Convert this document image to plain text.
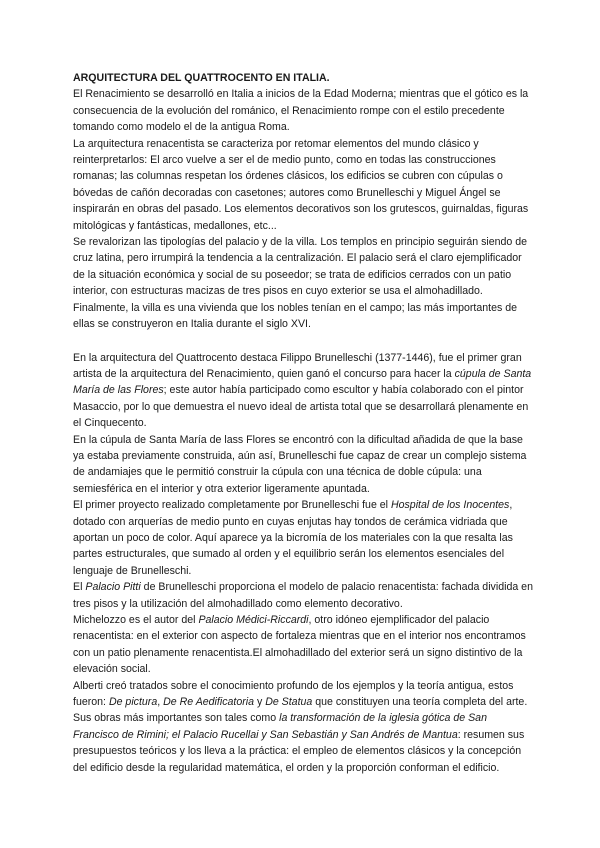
ARQUITECTURA DEL QUATTROCENTO EN ITALIA.

El Renacimiento se desarrolló en Italia a inicios de la Edad Moderna; mientras que el gótico es la consecuencia de la evolución del románico, el Renacimiento rompe con el estilo precedente tomando como modelo el de la antigua Roma.

La arquitectura renacentista se caracteriza por retomar elementos del mundo clásico y reinterpretarlos: El arco vuelve a ser el de medio punto, como en todas las construcciones romanas; las columnas respetan los órdenes clásicos, los edificios se cubren con cúpulas o bóvedas de cañón decoradas con casetones; autores como Brunelleschi y Miguel Ángel se inspirarán en obras del pasado. Los elementos decorativos son los grutescos, guirnaldas, figuras mitológicas y fantásticas, medallones, etc...

Se revalorizan las tipologías del palacio y de la villa. Los templos en principio seguirán siendo de cruz latina, pero irrumpirá la tendencia a la centralización. El palacio será el claro ejemplificador de la situación económica y social de su poseedor; se trata de edificios cerrados con un patio interior, con estructuras macizas de tres pisos en cuyo exterior se usa el almohadillado.

Finalmente, la villa es una vivienda que los nobles tenían en el campo; las más importantes de ellas se construyeron en Italia durante el siglo XVI.

En la arquitectura del Quattrocento destaca Filippo Brunelleschi (1377-1446), fue el primer gran artista de la arquitectura del Renacimiento, quien ganó el concurso para hacer la cúpula de Santa María de las Flores; este autor había participado como escultor y había colaborado con el pintor Masaccio, por lo que demuestra el nuevo ideal de artista total que se desarrollará plenamente en el Cinquecento.

En la cúpula de Santa María de lass Flores se encontró con la dificultad añadida de que la base ya estaba previamente construida, aún así, Brunelleschi fue capaz de crear un complejo sistema de andamiajes que le permitió construir la cúpula con una técnica de doble cúpula: una semiesférica en el interior y otra exterior ligeramente apuntada.

El primer proyecto realizado completamente por Brunelleschi fue el Hospital de los Inocentes, dotado con arquerías de medio punto en cuyas enjutas hay tondos de cerámica vidriada que aportan un poco de color. Aquí aparece ya la bicromía de los materiales con la que resalta las partes estructurales, que sumado al orden y el equilibrio serán los elementos esenciales del lenguaje de Brunelleschi.

El Palacio Pitti de Brunelleschi proporciona el modelo de palacio renacentista: fachada dividida en tres pisos y la utilización del almohadillado como elemento decorativo.

Michelozzo es el autor del Palacio Médici-Riccardi, otro idóneo ejemplificador del palacio renacentista: en el exterior con aspecto de fortaleza mientras que en el interior nos encontramos con un patio plenamente renacentista.El almohadillado del exterior será un signo distintivo de la elevación social.

Alberti creó tratados sobre el conocimiento profundo de los ejemplos y la teoría antigua, estos fueron: De pictura, De Re Aedificatoria y De Statua que constituyen una teoría completa del arte. Sus obras más importantes son tales como la transformación de la iglesia gótica de San Francisco de Rimini; el Palacio Rucellai y San Sebastián y San Andrés de Mantua: resumen sus presupuestos teóricos y los lleva a la práctica: el empleo de elementos clásicos y la concepción del edificio desde la regularidad matemática, el orden y la proporción conforman el edificio.
